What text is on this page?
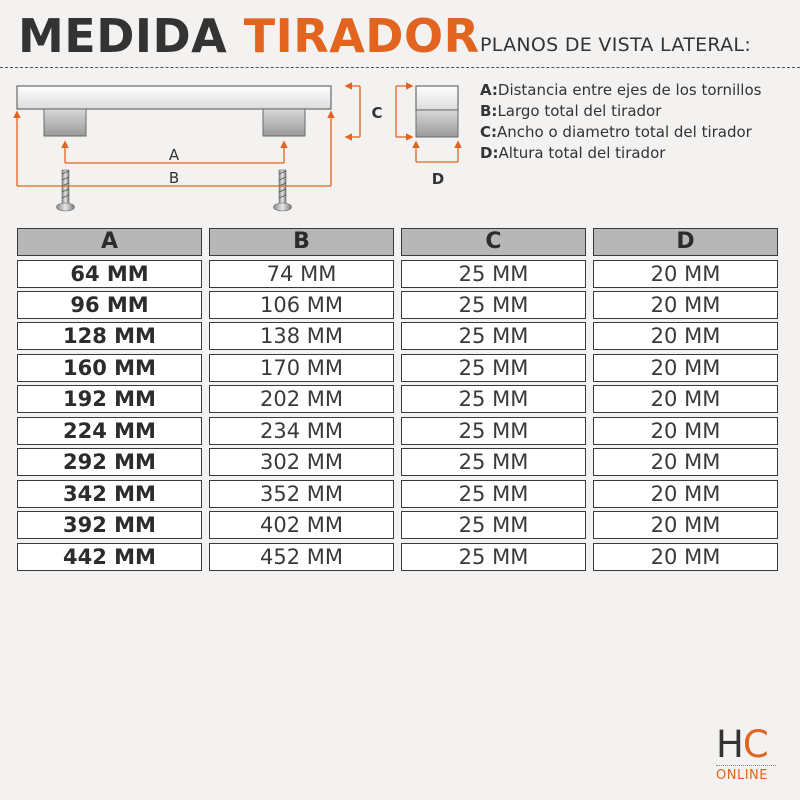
MEDIDA TIRADOR PLANOS DE VISTA LATERAL:
A
B
C
D
A:Distancia entre ejes de los tornillos
B:Largo total del tirador
C:Ancho o diametro total del tirador
D:Altura total del tirador
A	B	C	D
64 MM	74 MM	25 MM	20 MM
96 MM	106 MM	25 MM	20 MM
128 MM	138 MM	25 MM	20 MM
160 MM	170 MM	25 MM	20 MM
192 MM	202 MM	25 MM	20 MM
224 MM	234 MM	25 MM	20 MM
292 MM	302 MM	25 MM	20 MM
342 MM	352 MM	25 MM	20 MM
392 MM	402 MM	25 MM	20 MM
442 MM	452 MM	25 MM	20 MM
HC
ONLINE
